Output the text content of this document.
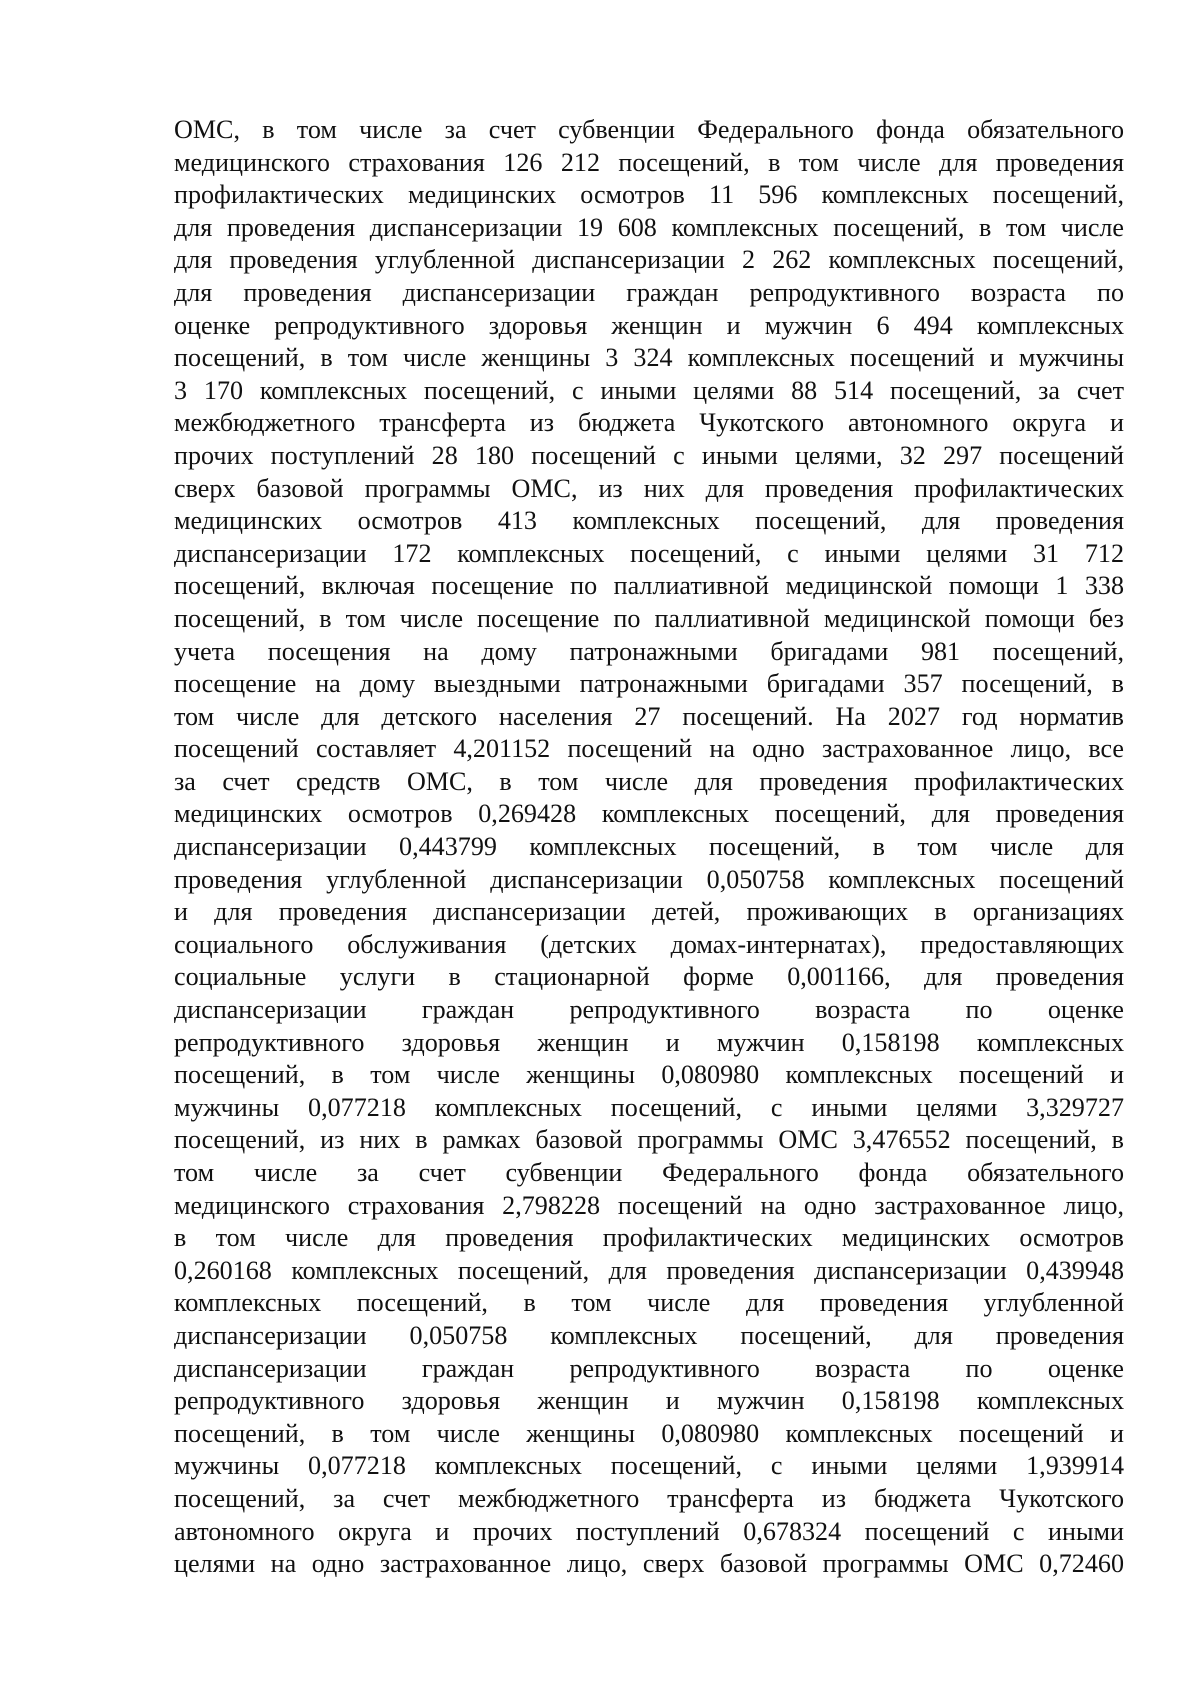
ОМС, в том числе за счет субвенции Федерального фонда обязательного
медицинского страхования 126 212 посещений, в том числе для проведения
профилактических медицинских осмотров 11 596 комплексных посещений,
для проведения диспансеризации 19 608 комплексных посещений, в том числе
для проведения углубленной диспансеризации 2 262 комплексных посещений,
для проведения диспансеризации граждан репродуктивного возраста по
оценке репродуктивного здоровья женщин и мужчин 6 494 комплексных
посещений, в том числе женщины 3 324 комплексных посещений и мужчины
3 170 комплексных посещений, с иными целями 88 514 посещений, за счет
межбюджетного трансферта из бюджета Чукотского автономного округа и
прочих поступлений 28 180 посещений с иными целями, 32 297 посещений
сверх базовой программы ОМС, из них для проведения профилактических
медицинских осмотров 413 комплексных посещений, для проведения
диспансеризации 172 комплексных посещений, с иными целями 31 712
посещений, включая посещение по паллиативной медицинской помощи 1 338
посещений, в том числе посещение по паллиативной медицинской помощи без
учета посещения на дому патронажными бригадами 981 посещений,
посещение на дому выездными патронажными бригадами 357 посещений, в
том числе для детского населения 27 посещений. На 2027 год норматив
посещений составляет 4,201152 посещений на одно застрахованное лицо, все
за счет средств ОМС, в том числе для проведения профилактических
медицинских осмотров 0,269428 комплексных посещений, для проведения
диспансеризации 0,443799 комплексных посещений, в том числе для
проведения углубленной диспансеризации 0,050758 комплексных посещений
и для проведения диспансеризации детей, проживающих в организациях
социального обслуживания (детских домах-интернатах), предоставляющих
социальные услуги в стационарной форме 0,001166, для проведения
диспансеризации граждан репродуктивного возраста по оценке
репродуктивного здоровья женщин и мужчин 0,158198 комплексных
посещений, в том числе женщины 0,080980 комплексных посещений и
мужчины 0,077218 комплексных посещений, с иными целями 3,329727
посещений, из них в рамках базовой программы ОМС 3,476552 посещений, в
том числе за счет субвенции Федерального фонда обязательного
медицинского страхования 2,798228 посещений на одно застрахованное лицо,
в том числе для проведения профилактических медицинских осмотров
0,260168 комплексных посещений, для проведения диспансеризации 0,439948
комплексных посещений, в том числе для проведения углубленной
диспансеризации 0,050758 комплексных посещений, для проведения
диспансеризации граждан репродуктивного возраста по оценке
репродуктивного здоровья женщин и мужчин 0,158198 комплексных
посещений, в том числе женщины 0,080980 комплексных посещений и
мужчины 0,077218 комплексных посещений, с иными целями 1,939914
посещений, за счет межбюджетного трансферта из бюджета Чукотского
автономного округа и прочих поступлений 0,678324 посещений с иными
целями на одно застрахованное лицо, сверх базовой программы ОМС 0,72460
